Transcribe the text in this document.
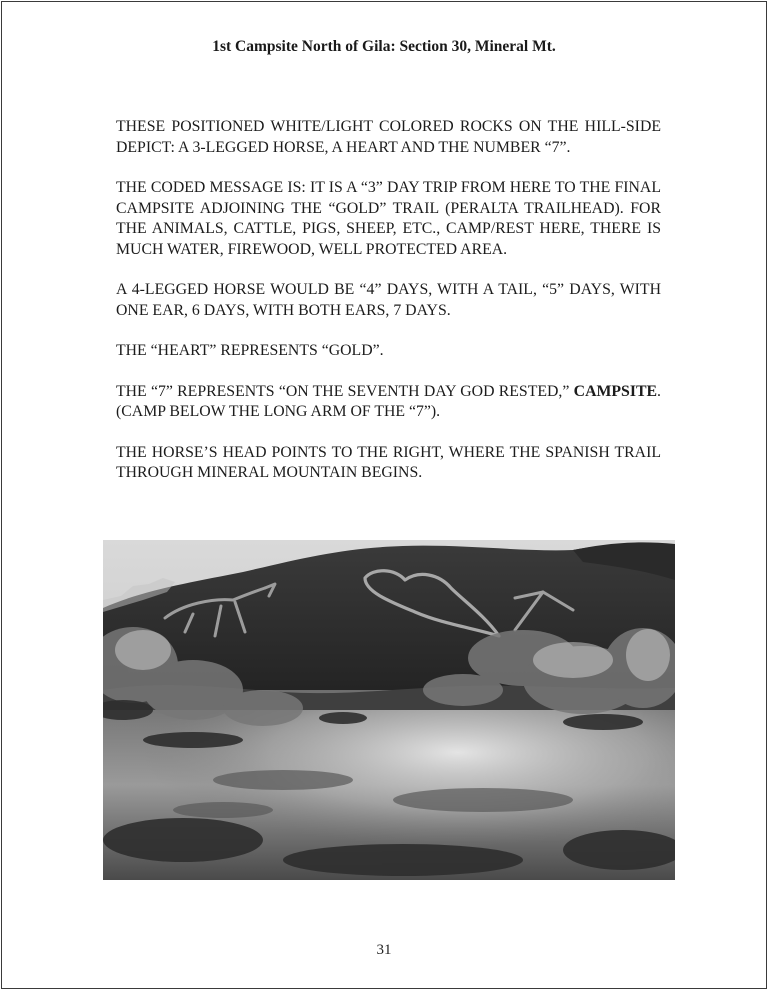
1st Campsite North of Gila: Section 30, Mineral Mt.

THESE POSITIONED WHITE/LIGHT COLORED ROCKS ON THE HILL-SIDE DEPICT: A 3-LEGGED HORSE, A HEART AND THE NUMBER “7”.

THE CODED MESSAGE IS: IT IS A “3” DAY TRIP FROM HERE TO THE FINAL CAMPSITE ADJOINING THE “GOLD” TRAIL (PERALTA TRAILHEAD). FOR THE ANIMALS, CATTLE, PIGS, SHEEP, ETC., CAMP/REST HERE, THERE IS MUCH WATER, FIREWOOD, WELL PROTECTED AREA.

A 4-LEGGED HORSE WOULD BE “4” DAYS, WITH A TAIL, “5” DAYS, WITH ONE EAR, 6 DAYS, WITH BOTH EARS, 7 DAYS.

THE “HEART” REPRESENTS “GOLD”.

THE “7” REPRESENTS “ON THE SEVENTH DAY GOD RESTED,” CAMPSITE. (CAMP BELOW THE LONG ARM OF THE “7”).

THE HORSE’S HEAD POINTS TO THE RIGHT, WHERE THE SPANISH TRAIL THROUGH MINERAL MOUNTAIN BEGINS.

31
